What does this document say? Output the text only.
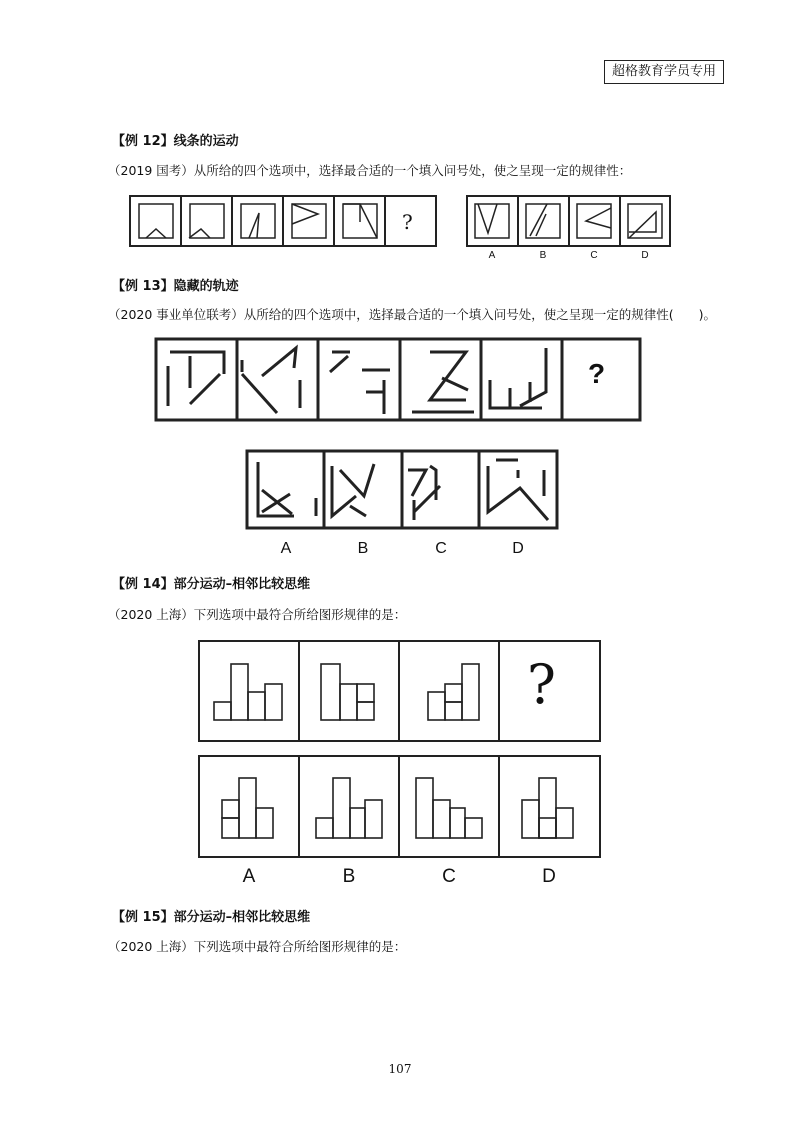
超格教育学员专用
【例 12】线条的运动
（2019 国考）从所给的四个选项中，选择最合适的一个填入问号处，使之呈现一定的规律性：
?
A	B	C	D
【例 13】隐藏的轨迹
（2020 事业单位联考）从所给的四个选项中，选择最合适的一个填入问号处，使之呈现一定的规律性(　　)。
?
A	B	C	D
【例 14】部分运动–相邻比较思维
（2020 上海）下列选项中最符合所给图形规律的是：
?
A	B	C	D
【例 15】部分运动–相邻比较思维
（2020 上海）下列选项中最符合所给图形规律的是：
107
